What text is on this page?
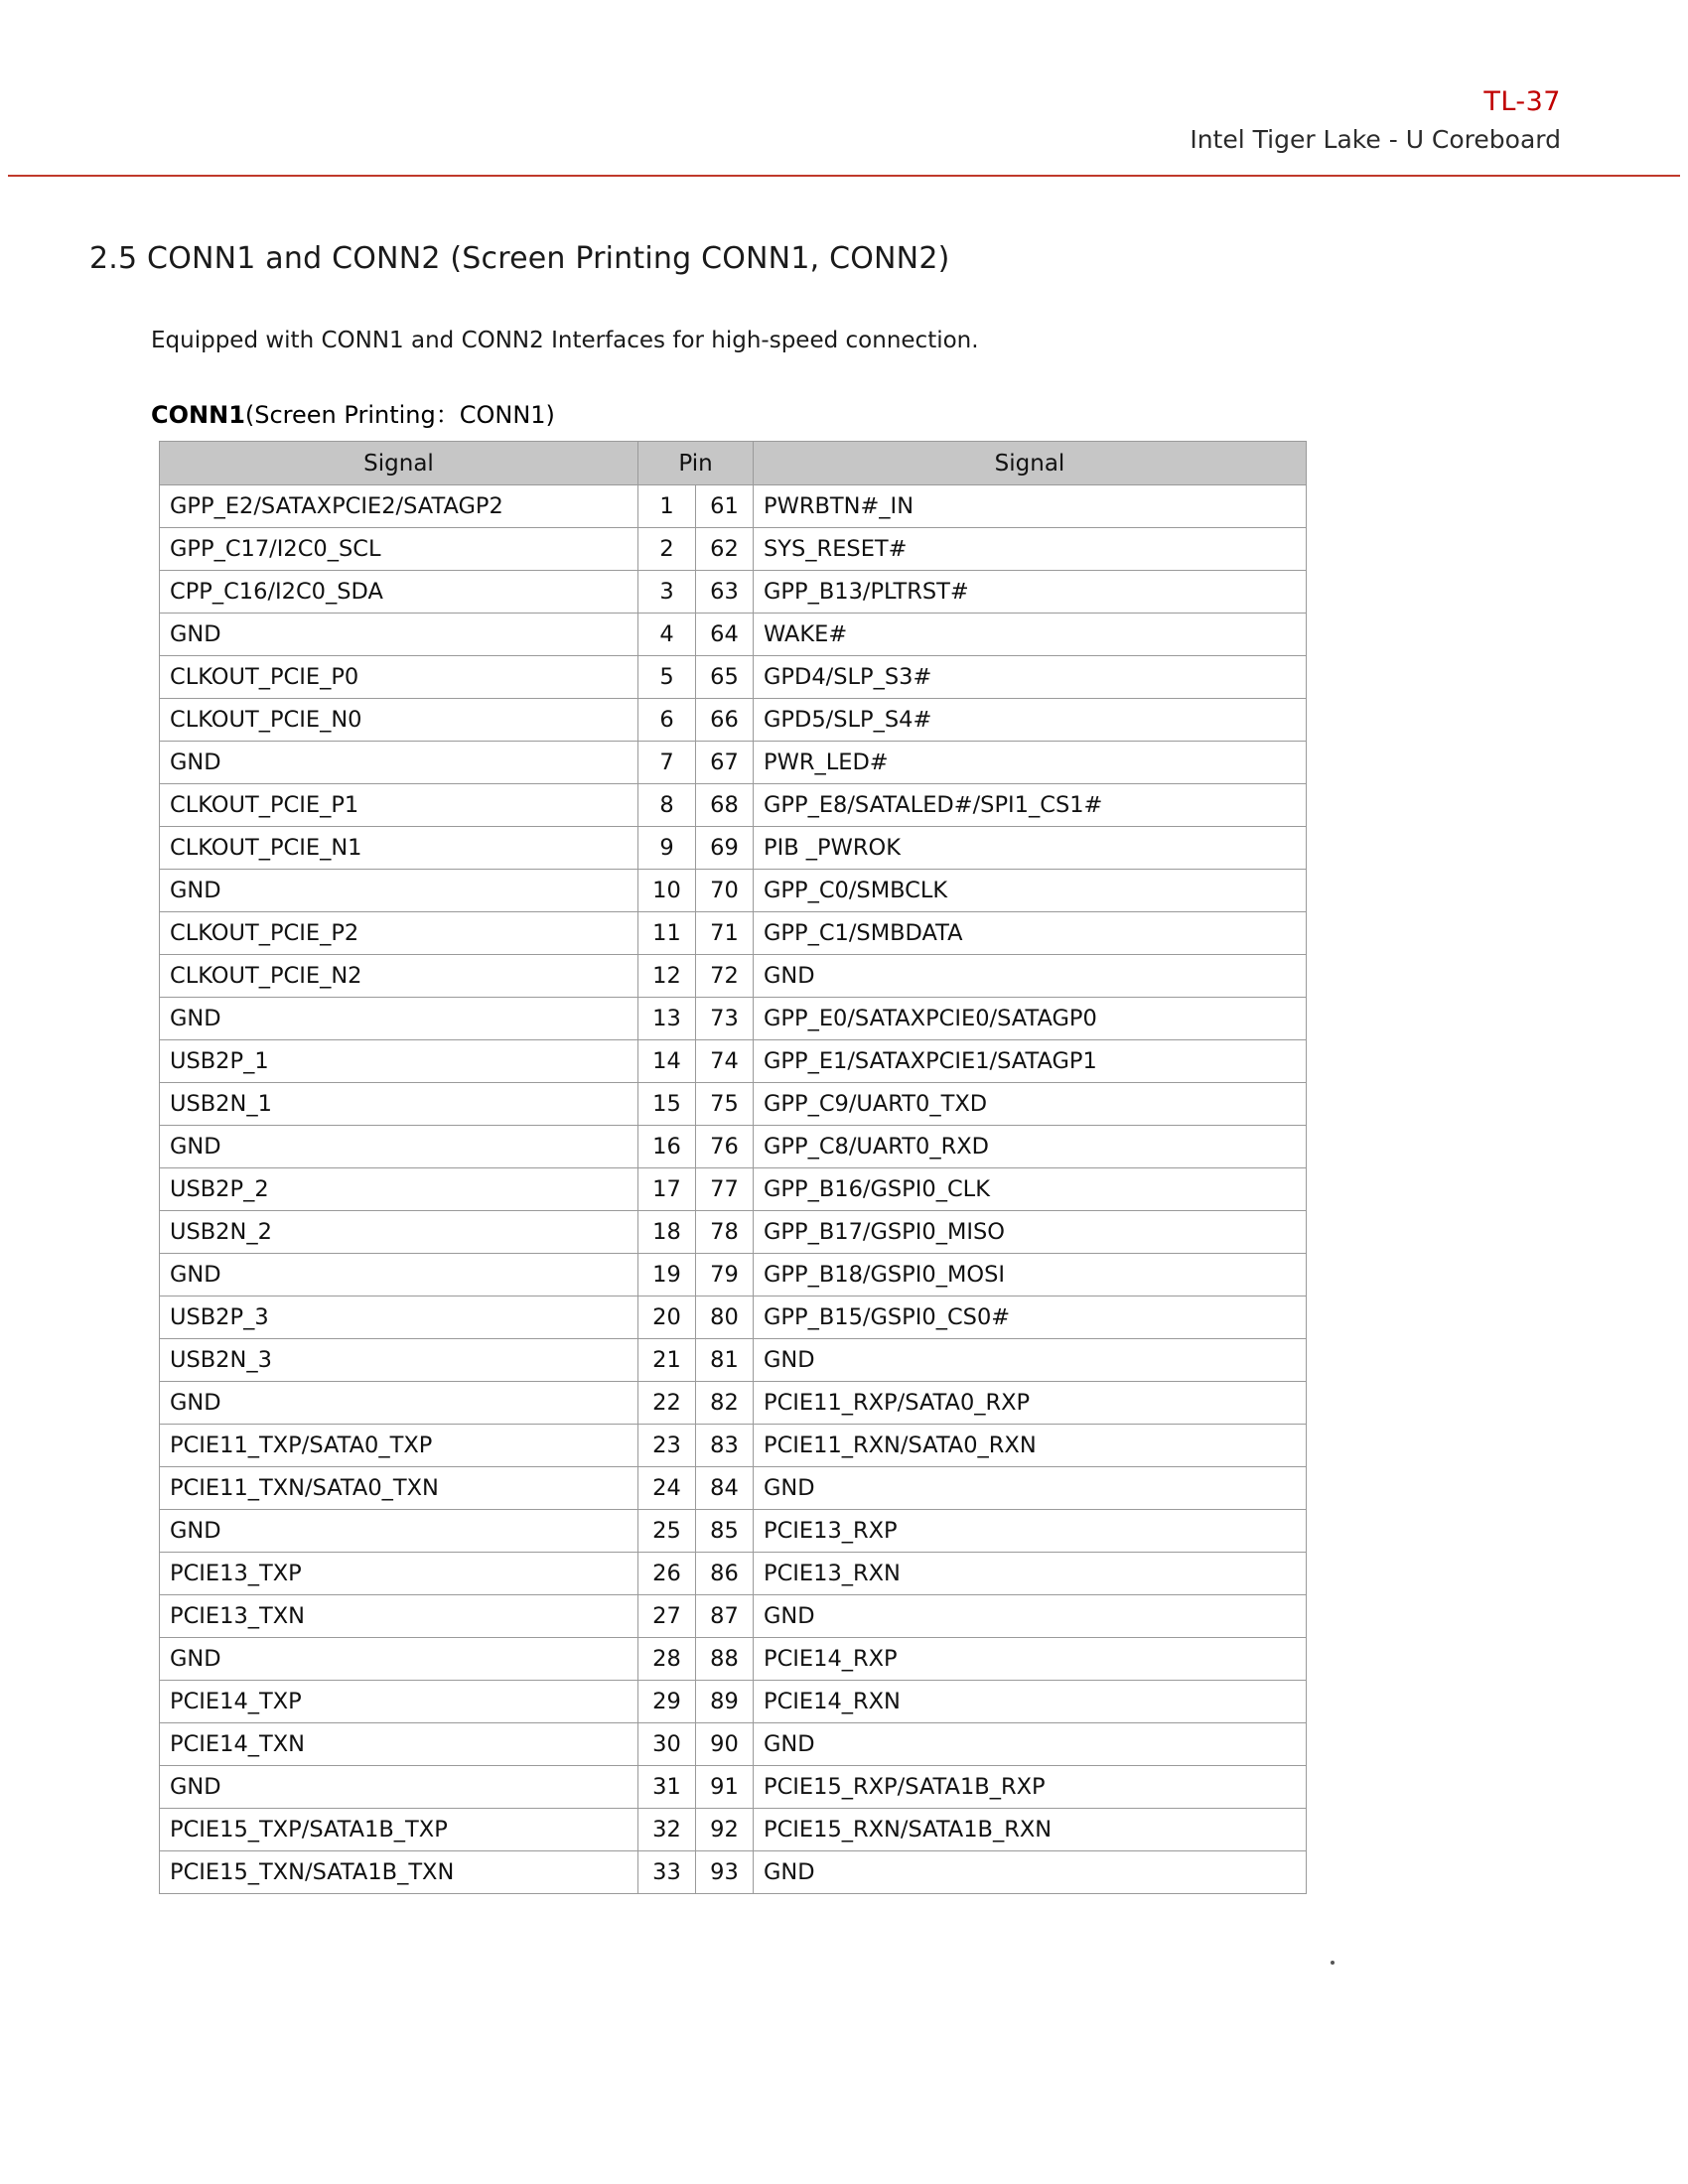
TL-37
Intel Tiger Lake - U Coreboard
2.5 CONN1 and CONN2 (Screen Printing CONN1, CONN2)
Equipped with CONN1 and CONN2 Interfaces for high-speed connection.
CONN1(Screen Printing：CONN1)
Signal	Pin		Signal
GPP_E2/SATAXPCIE2/SATAGP2	1	61	PWRBTN#_IN
GPP_C17/I2C0_SCL	2	62	SYS_RESET#
CPP_C16/I2C0_SDA	3	63	GPP_B13/PLTRST#
GND	4	64	WAKE#
CLKOUT_PCIE_P0	5	65	GPD4/SLP_S3#
CLKOUT_PCIE_N0	6	66	GPD5/SLP_S4#
GND	7	67	PWR_LED#
CLKOUT_PCIE_P1	8	68	GPP_E8/SATALED#/SPI1_CS1#
CLKOUT_PCIE_N1	9	69	PIB _PWROK
GND	10	70	GPP_C0/SMBCLK
CLKOUT_PCIE_P2	11	71	GPP_C1/SMBDATA
CLKOUT_PCIE_N2	12	72	GND
GND	13	73	GPP_E0/SATAXPCIE0/SATAGP0
USB2P_1	14	74	GPP_E1/SATAXPCIE1/SATAGP1
USB2N_1	15	75	GPP_C9/UART0_TXD
GND	16	76	GPP_C8/UART0_RXD
USB2P_2	17	77	GPP_B16/GSPI0_CLK
USB2N_2	18	78	GPP_B17/GSPI0_MISO
GND	19	79	GPP_B18/GSPI0_MOSI
USB2P_3	20	80	GPP_B15/GSPI0_CS0#
USB2N_3	21	81	GND
GND	22	82	PCIE11_RXP/SATA0_RXP
PCIE11_TXP/SATA0_TXP	23	83	PCIE11_RXN/SATA0_RXN
PCIE11_TXN/SATA0_TXN	24	84	GND
GND	25	85	PCIE13_RXP
PCIE13_TXP	26	86	PCIE13_RXN
PCIE13_TXN	27	87	GND
GND	28	88	PCIE14_RXP
PCIE14_TXP	29	89	PCIE14_RXN
PCIE14_TXN	30	90	GND
GND	31	91	PCIE15_RXP/SATA1B_RXP
PCIE15_TXP/SATA1B_TXP	32	92	PCIE15_RXN/SATA1B_RXN
PCIE15_TXN/SATA1B_TXN	33	93	GND
